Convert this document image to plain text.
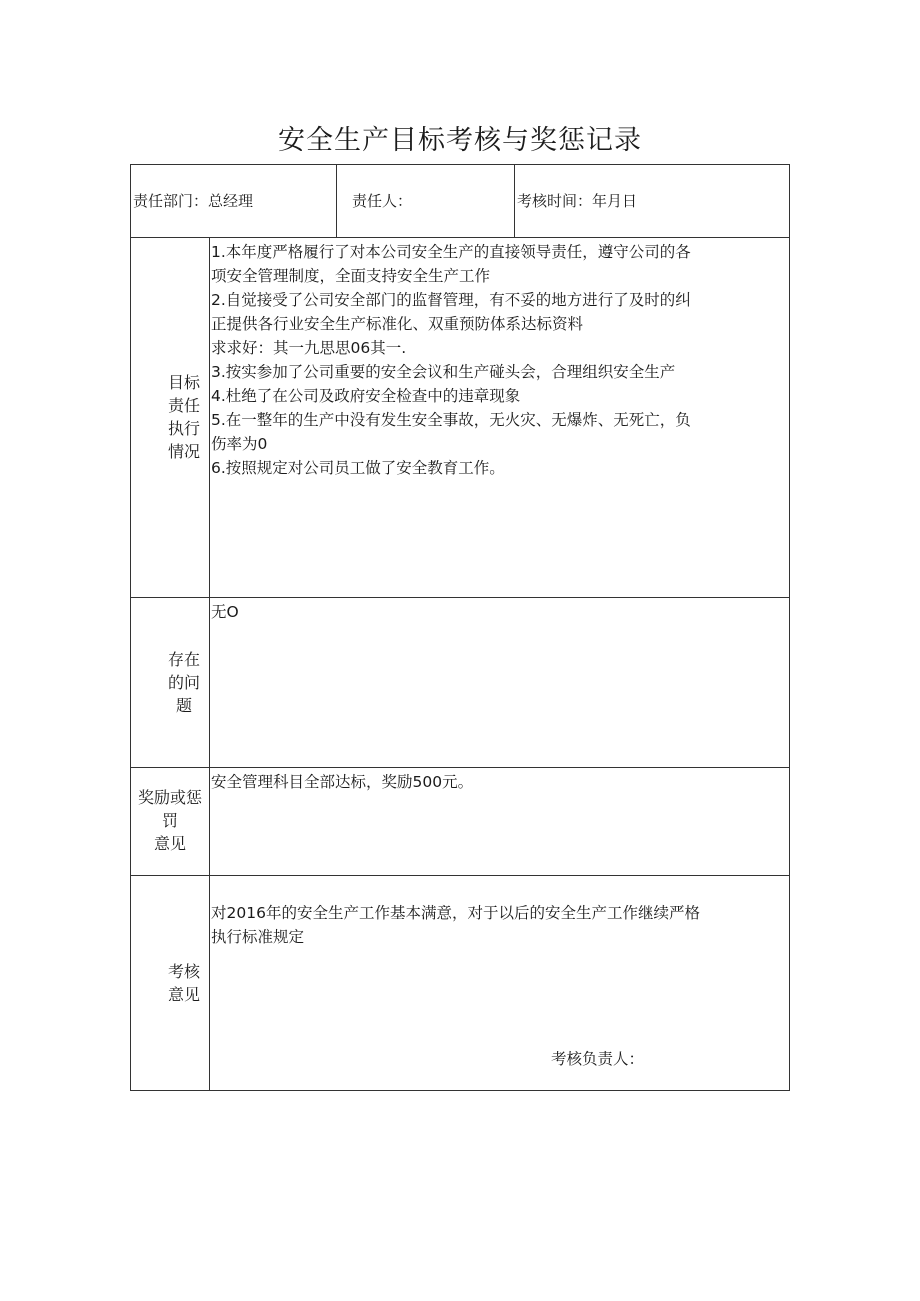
安全生产目标考核与奖惩记录
责任部门：总经理	责任人：	考核时间：年月日
目标
责任
执行
情况
1.本年度严格履行了对本公司安全生产的直接领导责任，遵守公司的各
项安全管理制度，全面支持安全生产工作
2.自觉接受了公司安全部门的监督管理，有不妥的地方进行了及时的纠
正提供各行业安全生产标准化、双重预防体系达标资料
求求好：其一九思思06其一.
3.按实参加了公司重要的安全会议和生产碰头会，合理组织安全生产
4.杜绝了在公司及政府安全检查中的违章现象
5.在一整年的生产中没有发生安全事故，无火灾、无爆炸、无死亡，负
伤率为0
6.按照规定对公司员工做了安全教育工作。
存在
的问
题
无O
奖励或惩
罚
意见
安全管理科目全部达标，奖励500元。
考核
意见
对2016年的安全生产工作基本满意，对于以后的安全生产工作继续严格
执行标准规定
考核负责人：
